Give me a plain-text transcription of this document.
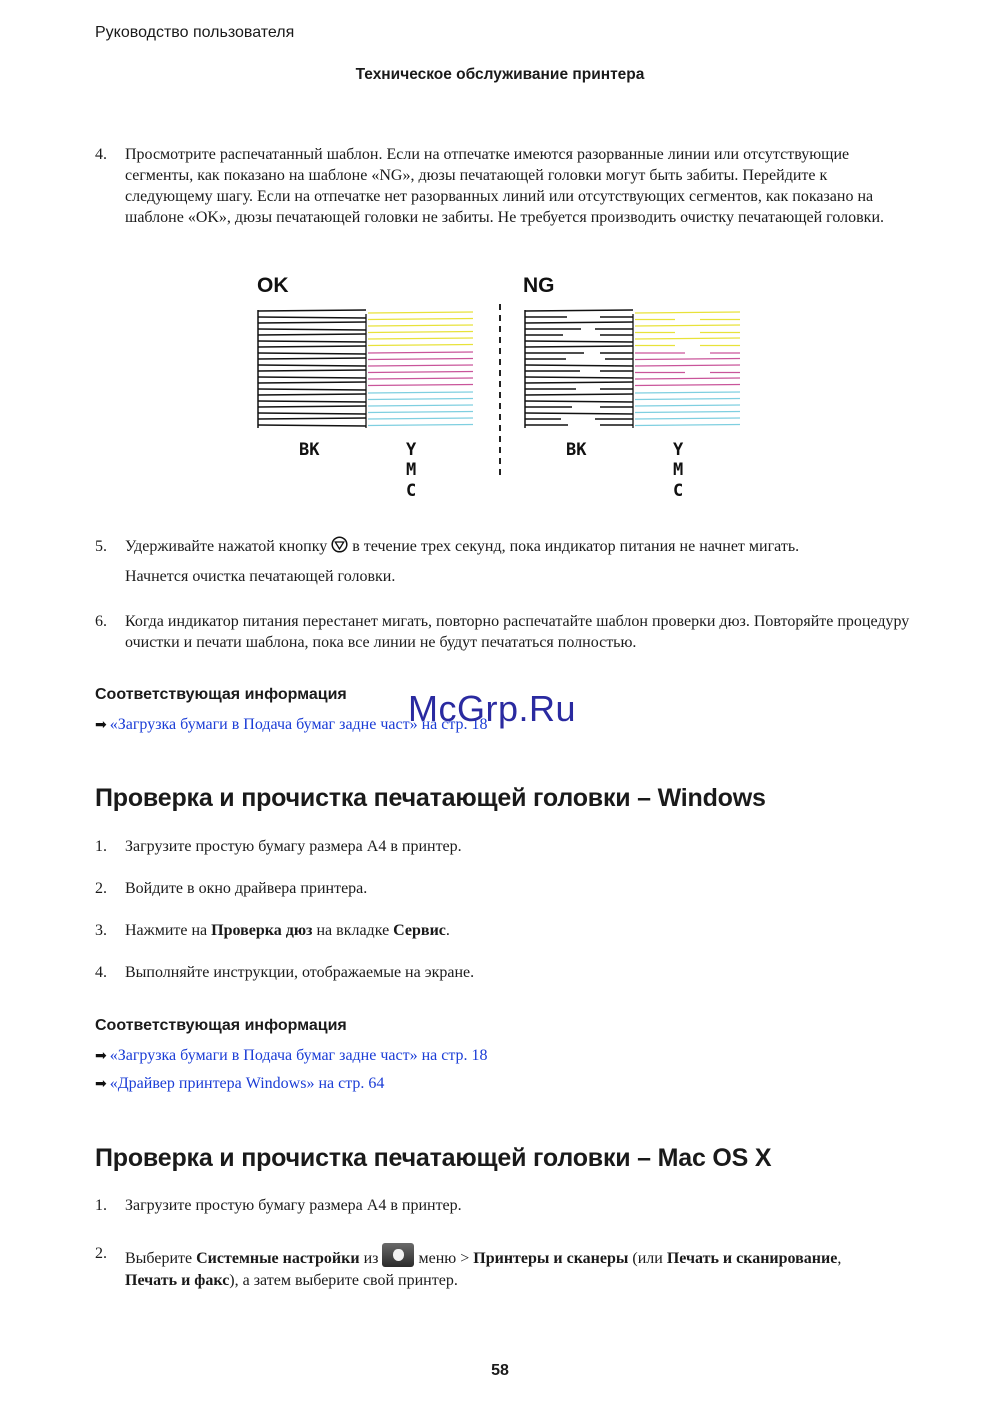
Руководство пользователя
Техническое обслуживание принтера
4. Просмотрите распечатанный шаблон. Если на отпечатке имеются разорванные линии или отсутствующие сегменты, как показано на шаблоне «NG», дюзы печатающей головки могут быть забиты. Перейдите к следующему шагу. Если на отпечатке нет разорванных линий или отсутствующих сегментов, как показано на шаблоне «OK», дюзы печатающей головки не забиты. Не требуется производить очистку печатающей головки.
OK	NG
BK	Y
M
C
BK	Y
M
C
5. Удерживайте нажатой кнопку в течение трех секунд, пока индикатор питания не начнет мигать.
Начнется очистка печатающей головки.
6. Когда индикатор питания перестанет мигать, повторно распечатайте шаблон проверки дюз. Повторяйте процедуру очистки и печати шаблона, пока все линии не будут печататься полностью.
Соответствующая информация
➡ «Загрузка бумаги в Подача бумаг задне част» на стр. 18
McGrp.Ru
Проверка и прочистка печатающей головки – Windows
1. Загрузите простую бумагу размера A4 в принтер.
2. Войдите в окно драйвера принтера.
3. Нажмите на Проверка дюз на вкладке Сервис.
4. Выполняйте инструкции, отображаемые на экране.
Соответствующая информация
➡ «Загрузка бумаги в Подача бумаг задне част» на стр. 18
➡ «Драйвер принтера Windows» на стр. 64
Проверка и прочистка печатающей головки – Mac OS X
1. Загрузите простую бумагу размера A4 в принтер.
2. Выберите Системные настройки из  меню > Принтеры и сканеры (или Печать и сканирование,
Печать и факс), а затем выберите свой принтер.
58
